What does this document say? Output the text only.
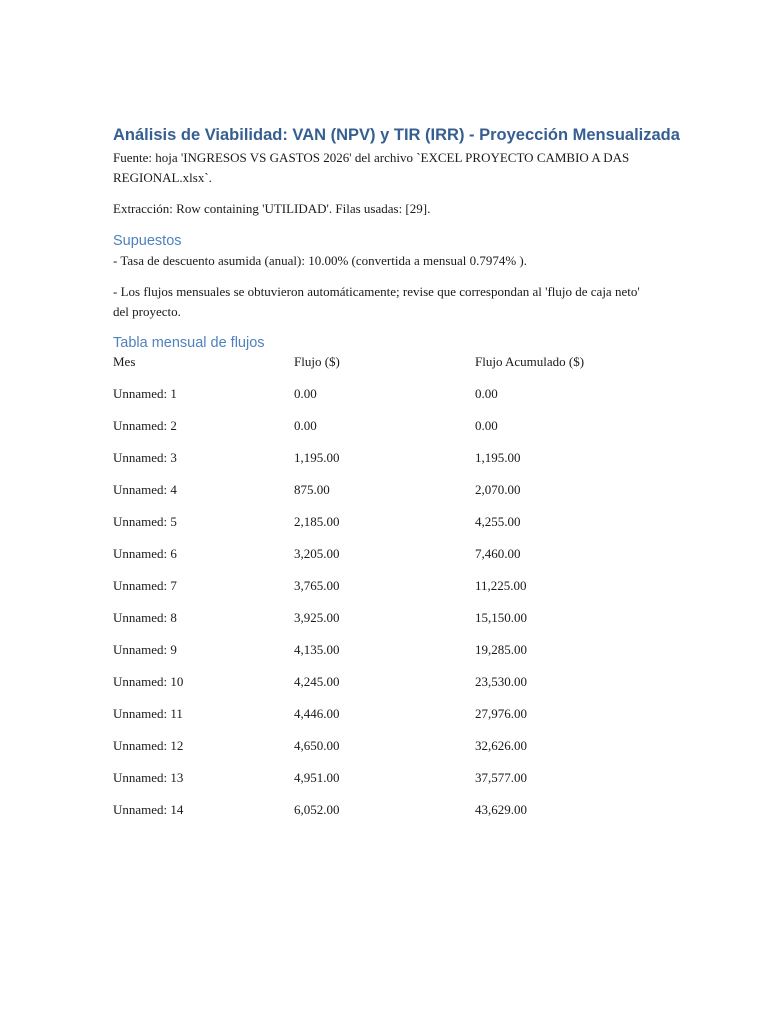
Análisis de Viabilidad: VAN (NPV) y TIR (IRR) - Proyección Mensualizada

Fuente: hoja 'INGRESOS VS GASTOS 2026' del archivo `EXCEL PROYECTO CAMBIO A DAS REGIONAL.xlsx`.

Extracción: Row containing 'UTILIDAD'. Filas usadas: [29].

Supuestos

- Tasa de descuento asumida (anual): 10.00% (convertida a mensual 0.7974% ).

- Los flujos mensuales se obtuvieron automáticamente; revise que correspondan al 'flujo de caja neto' del proyecto.

Tabla mensual de flujos
Mes	Flujo ($)	Flujo Acumulado ($)
Unnamed: 1	0.00	0.00
Unnamed: 2	0.00	0.00
Unnamed: 3	1,195.00	1,195.00
Unnamed: 4	875.00	2,070.00
Unnamed: 5	2,185.00	4,255.00
Unnamed: 6	3,205.00	7,460.00
Unnamed: 7	3,765.00	11,225.00
Unnamed: 8	3,925.00	15,150.00
Unnamed: 9	4,135.00	19,285.00
Unnamed: 10	4,245.00	23,530.00
Unnamed: 11	4,446.00	27,976.00
Unnamed: 12	4,650.00	32,626.00
Unnamed: 13	4,951.00	37,577.00
Unnamed: 14	6,052.00	43,629.00
